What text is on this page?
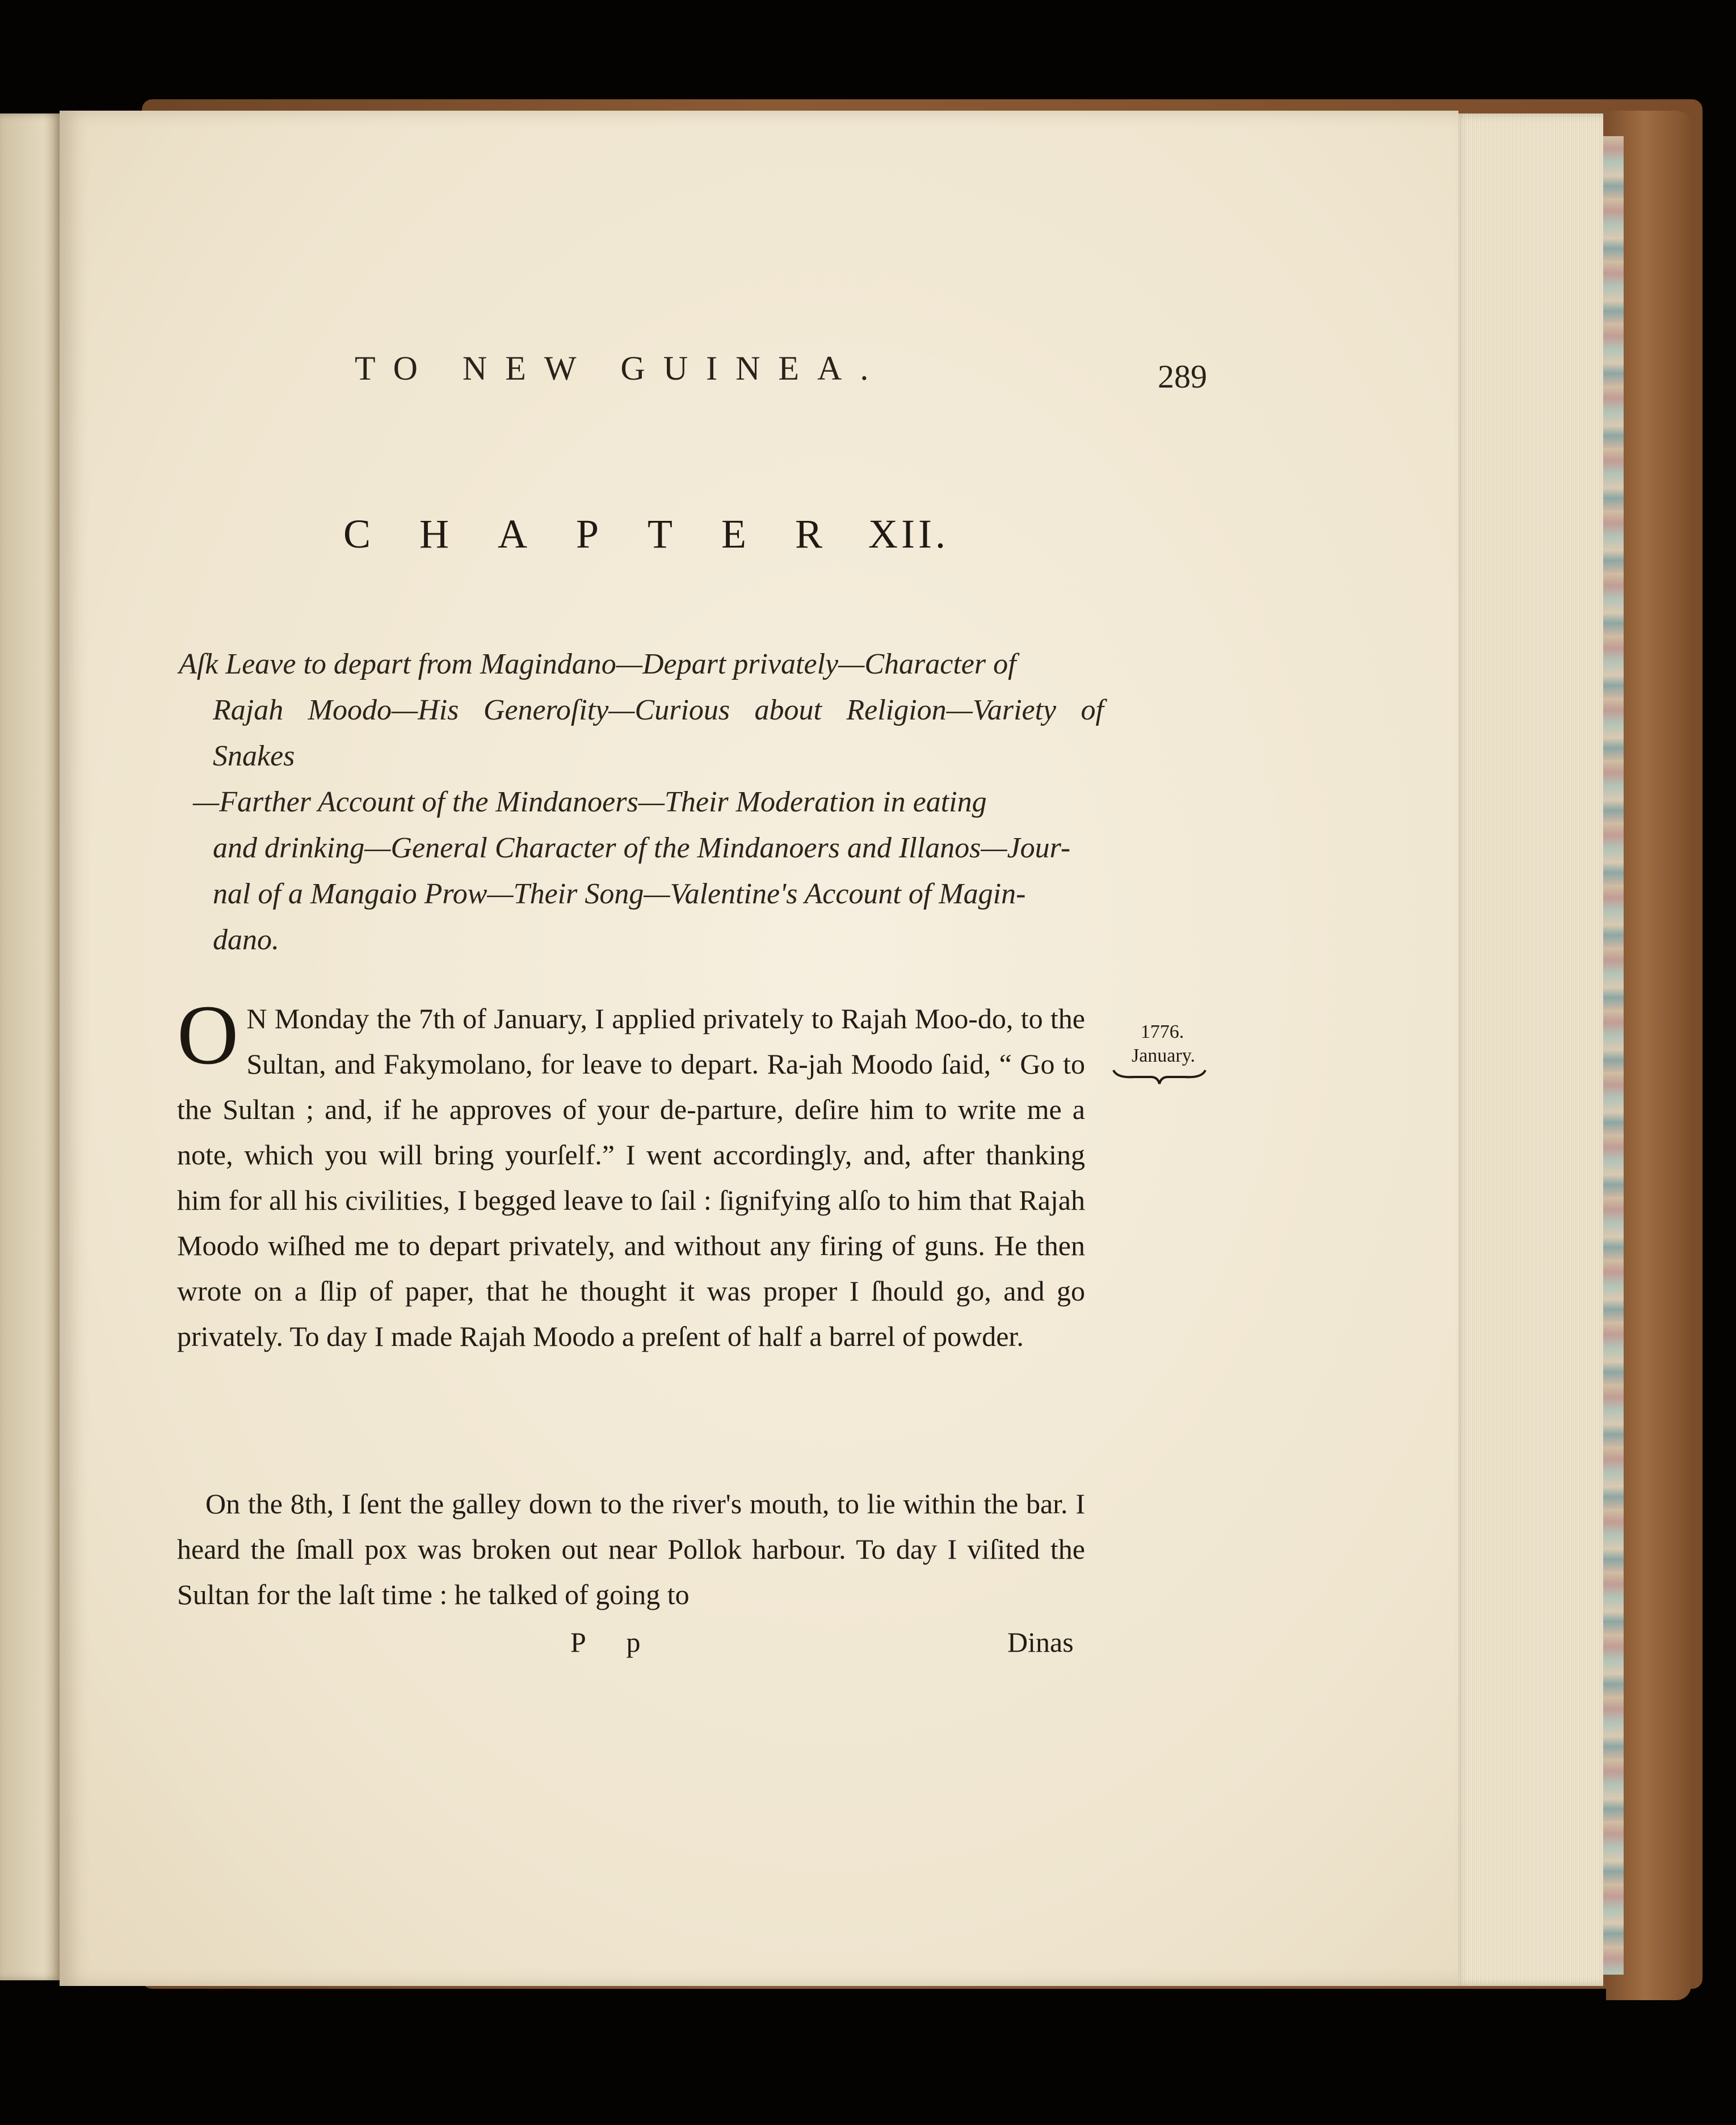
TO NEW GUINEA.	289
CHAPTER
XII.
Aſk Leave to depart from Magindano—Depart privately—Character of
Rajah Moodo—His Generoſity—Curious about Religion—Variety of Snakes
—Farther Account of the Mindanoers—Their Moderation in eating
and drinking—General Character of the Mindanoers and Illanos—Jour-
nal of a Mangaio Prow—Their Song—Valentine's Account of Magin-
dano.
O N Monday the 7th of January, I applied privately to Rajah Moo-do, to the Sultan, and Fakymolano, for leave to depart. Ra-jah Moodo ſaid, “ Go to the Sultan ; and, if he approves of your de-parture, deſire him to write me a note, which you will bring yourſelf.” I went accordingly, and, after thanking him for all his civilities, I begged leave to ſail : ſignifying alſo to him that Rajah Moodo wiſhed me to depart privately, and without any firing of guns. He then wrote on a ſlip of paper, that he thought it was proper I ſhould go, and go privately. To day I made Rajah Moodo a preſent of half a barrel of powder.
1776.
January.
On the 8th, I ſent the galley down to the river's mouth, to lie within the bar. I heard the ſmall pox was broken out near Pollok harbour. To day I viſited the Sultan for the laſt time : he talked of going to
P p	Dinas
